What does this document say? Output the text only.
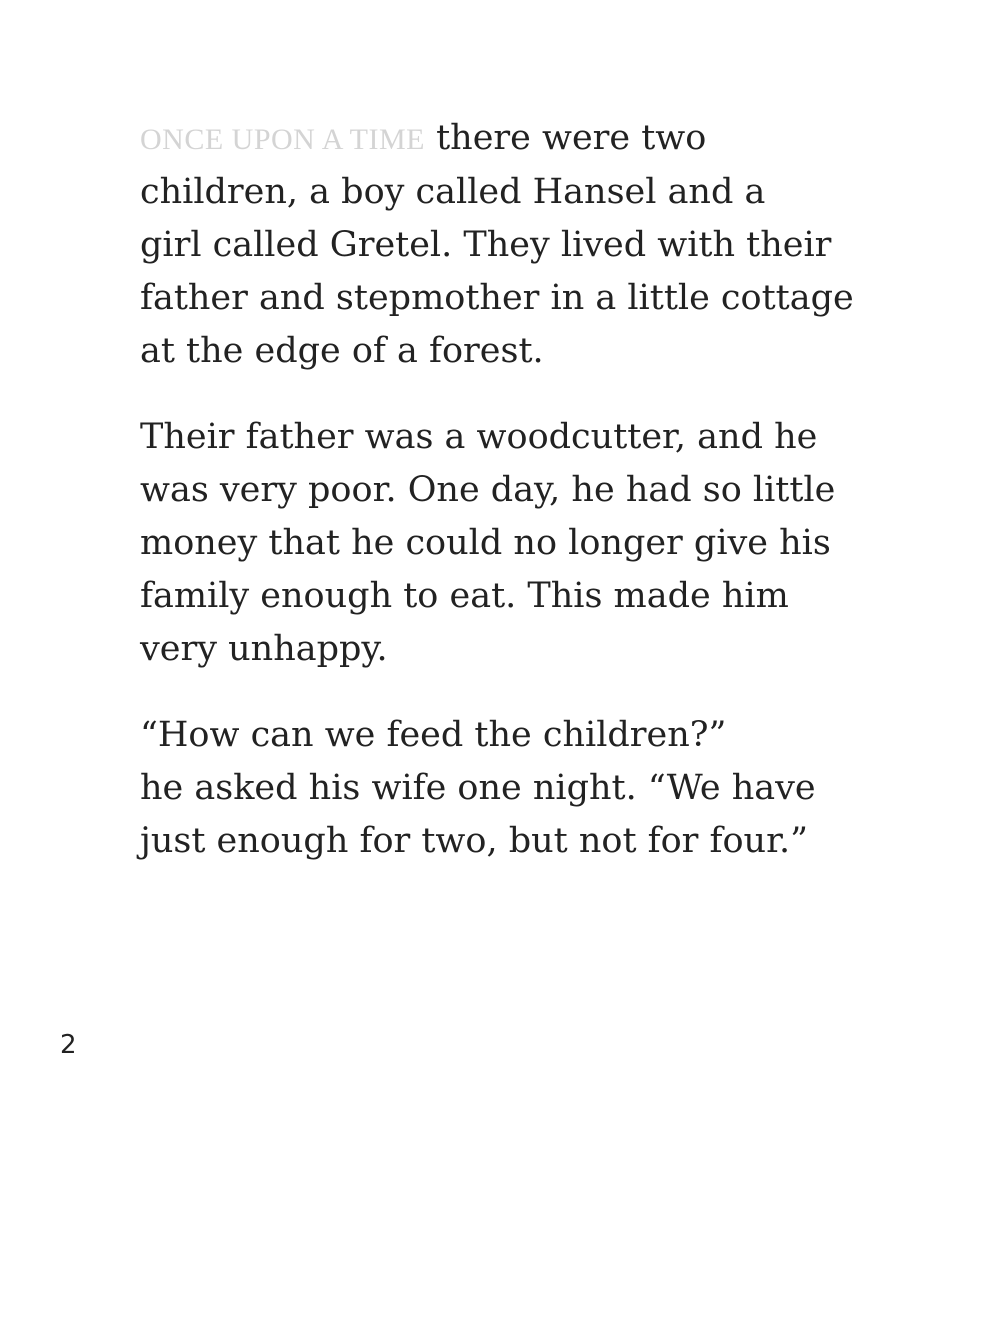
ONCE UPON A TIME there were two
children, a boy called Hansel and a
girl called Gretel. They lived with their
father and stepmother in a little cottage
at the edge of a forest.

Their father was a woodcutter, and he
was very poor. One day, he had so little
money that he could no longer give his
family enough to eat. This made him
very unhappy.

“How can we feed the children?”
he asked his wife one night. “We have
just enough for two, but not for four.”

2
